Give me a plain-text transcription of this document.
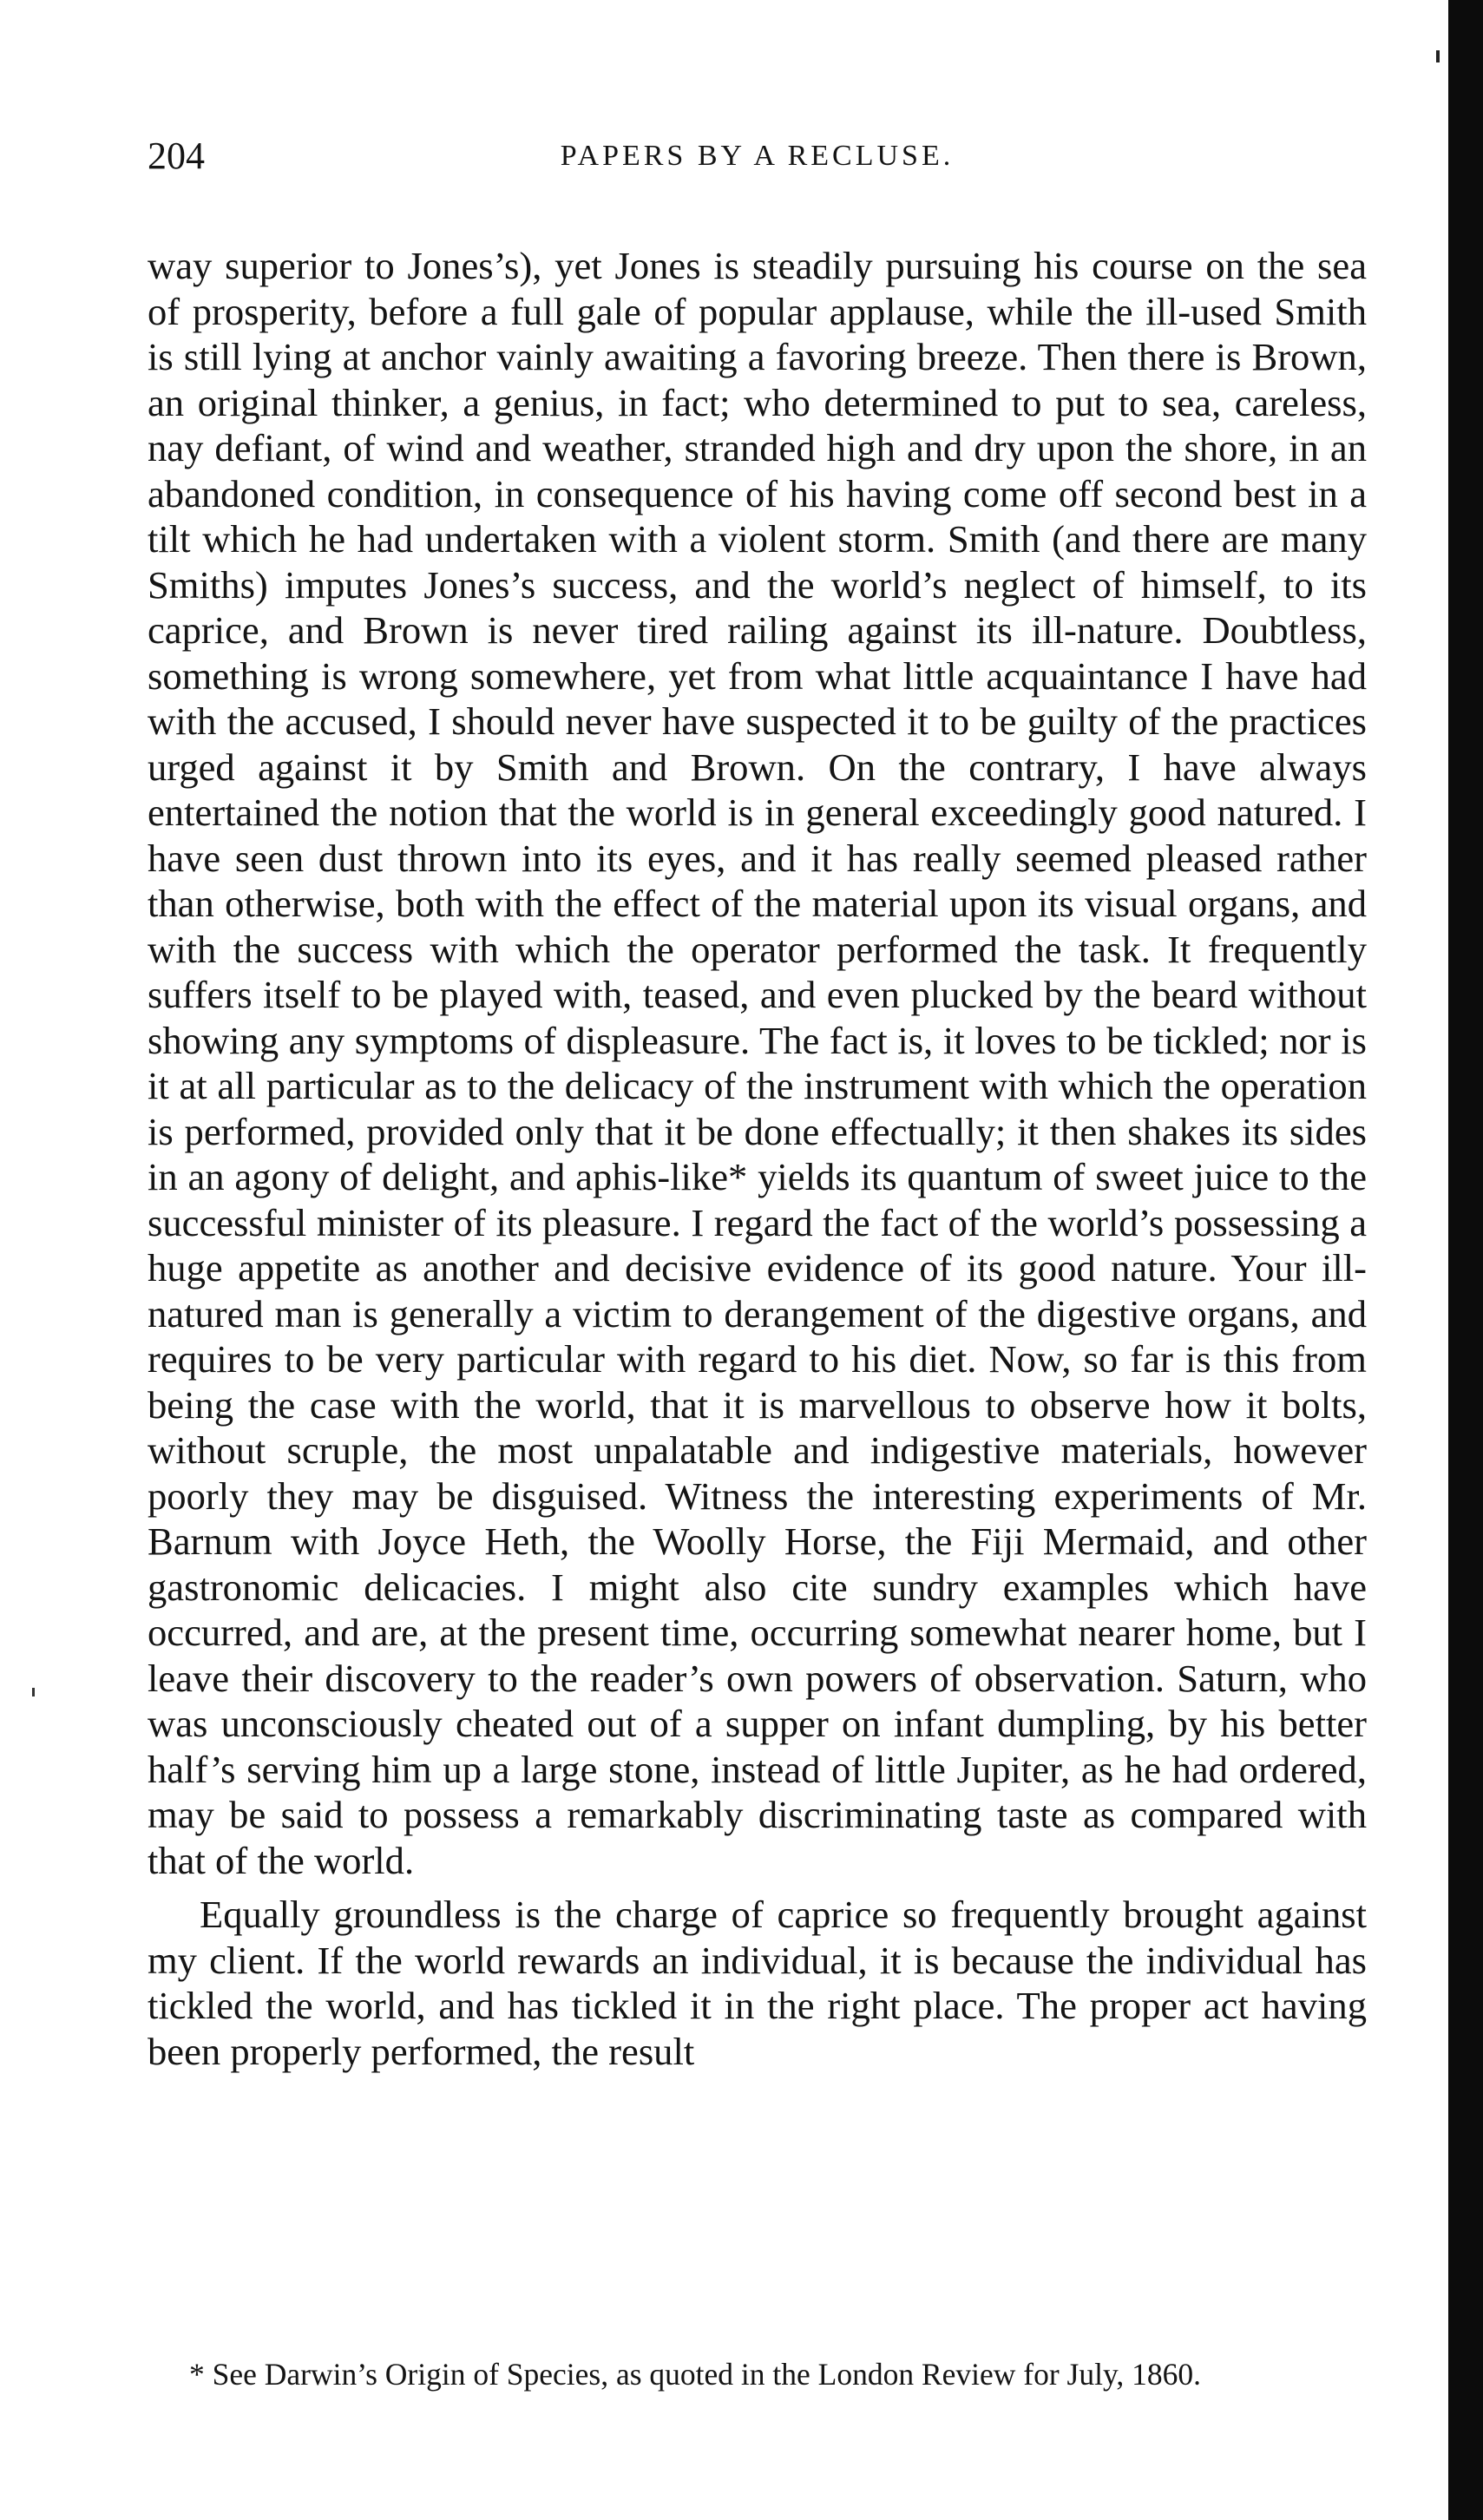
204	PAPERS BY A RECLUSE.

way superior to Jones’s), yet Jones is steadily pursuing his course on the sea of prosperity, before a full gale of popular applause, while the ill-used Smith is still lying at anchor vainly awaiting a favoring breeze. Then there is Brown, an original thinker, a genius, in fact; who determined to put to sea, careless, nay defiant, of wind and weather, stranded high and dry upon the shore, in an abandoned condition, in consequence of his having come off second best in a tilt which he had undertaken with a violent storm. Smith (and there are many Smiths) imputes Jones’s success, and the world’s neglect of himself, to its caprice, and Brown is never tired railing against its ill-nature. Doubtless, something is wrong somewhere, yet from what little acquaintance I have had with the accused, I should never have suspected it to be guilty of the practices urged against it by Smith and Brown. On the contrary, I have always entertained the notion that the world is in general exceedingly good natured. I have seen dust thrown into its eyes, and it has really seemed pleased rather than otherwise, both with the effect of the material upon its visual organs, and with the success with which the operator performed the task. It frequently suffers itself to be played with, teased, and even plucked by the beard without showing any symptoms of displeasure. The fact is, it loves to be tickled; nor is it at all particular as to the delicacy of the instrument with which the operation is performed, provided only that it be done effectually; it then shakes its sides in an agony of delight, and aphis-like* yields its quantum of sweet juice to the successful minister of its pleasure. I regard the fact of the world’s possessing a huge appetite as another and decisive evidence of its good nature. Your ill-natured man is generally a victim to derangement of the digestive organs, and requires to be very particular with regard to his diet. Now, so far is this from being the case with the world, that it is marvellous to observe how it bolts, without scruple, the most unpalatable and indigestive materials, however poorly they may be disguised. Witness the interesting experiments of Mr. Barnum with Joyce Heth, the Woolly Horse, the Fiji Mermaid, and other gastronomic delicacies. I might also cite sundry examples which have occurred, and are, at the present time, occurring somewhat nearer home, but I leave their discovery to the reader’s own powers of observation. Saturn, who was unconsciously cheated out of a supper on infant dumpling, by his better half’s serving him up a large stone, instead of little Jupiter, as he had ordered, may be said to possess a remarkably discriminating taste as compared with that of the world.

Equally groundless is the charge of caprice so frequently brought against my client. If the world rewards an individual, it is because the individual has tickled the world, and has tickled it in the right place. The proper act having been properly performed, the result

* See Darwin’s Origin of Species, as quoted in the London Review for July, 1860.
